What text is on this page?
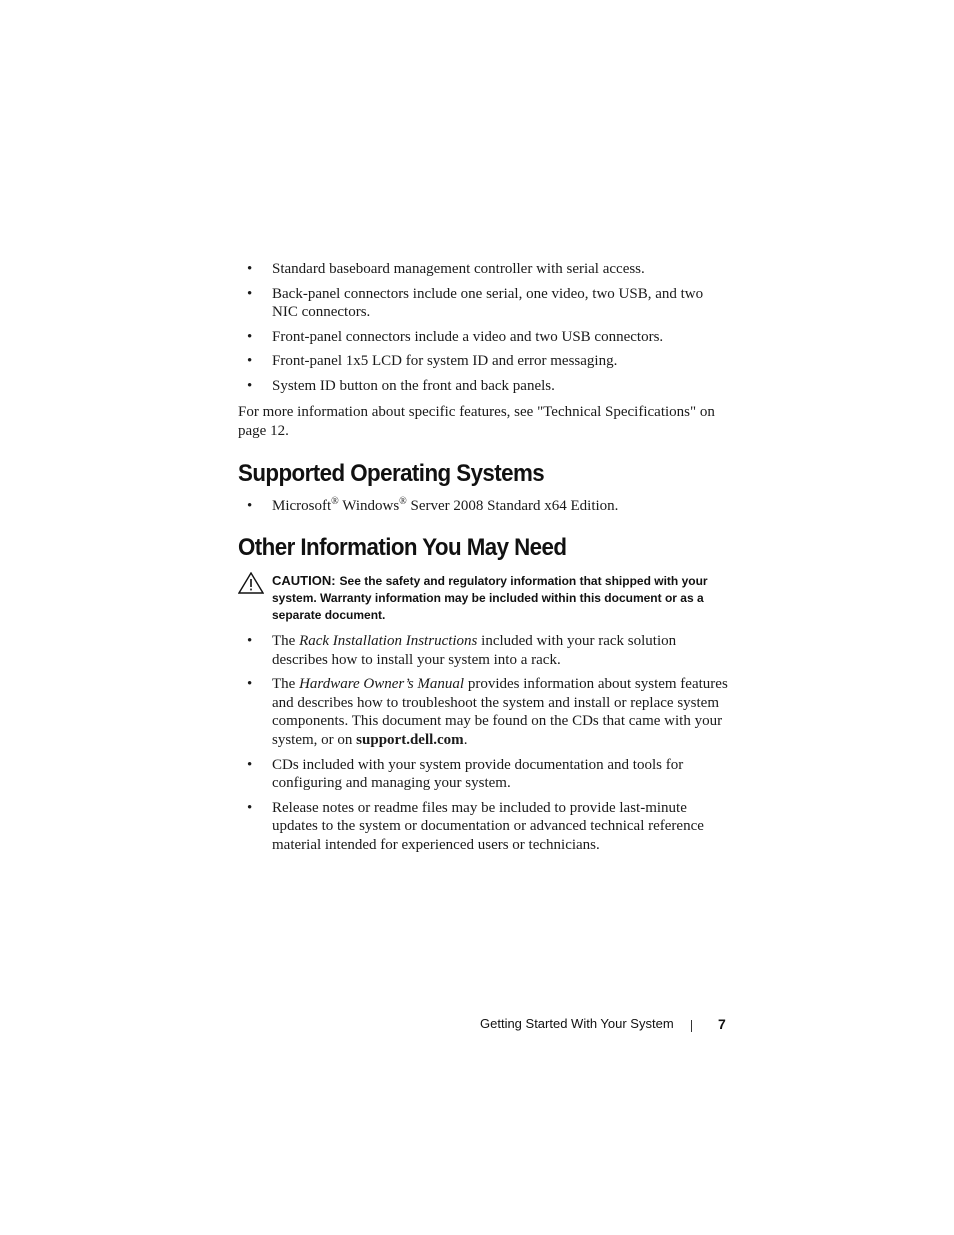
• Standard baseboard management controller with serial access.
• Back-panel connectors include one serial, one video, two USB, and two NIC connectors.
• Front-panel connectors include a video and two USB connectors.
• Front-panel 1x5 LCD for system ID and error messaging.
• System ID button on the front and back panels.

For more information about specific features, see "Technical Specifications" on page 12.

Supported Operating Systems
• Microsoft® Windows® Server 2008 Standard x64 Edition.
Other Information You May Need
CAUTION: See the safety and regulatory information that shipped with your system. Warranty information may be included within this document or as a separate document.
• The Rack Installation Instructions included with your rack solution describes how to install your system into a rack.
• The Hardware Owner’s Manual provides information about system features and describes how to troubleshoot the system and install or replace system components. This document may be found on the CDs that came with your system, or on support.dell.com.
• CDs included with your system provide documentation and tools for configuring and managing your system.
• Release notes or readme files may be included to provide last-minute updates to the system or documentation or advanced technical reference material intended for experienced users or technicians.
Getting Started With Your System	7
